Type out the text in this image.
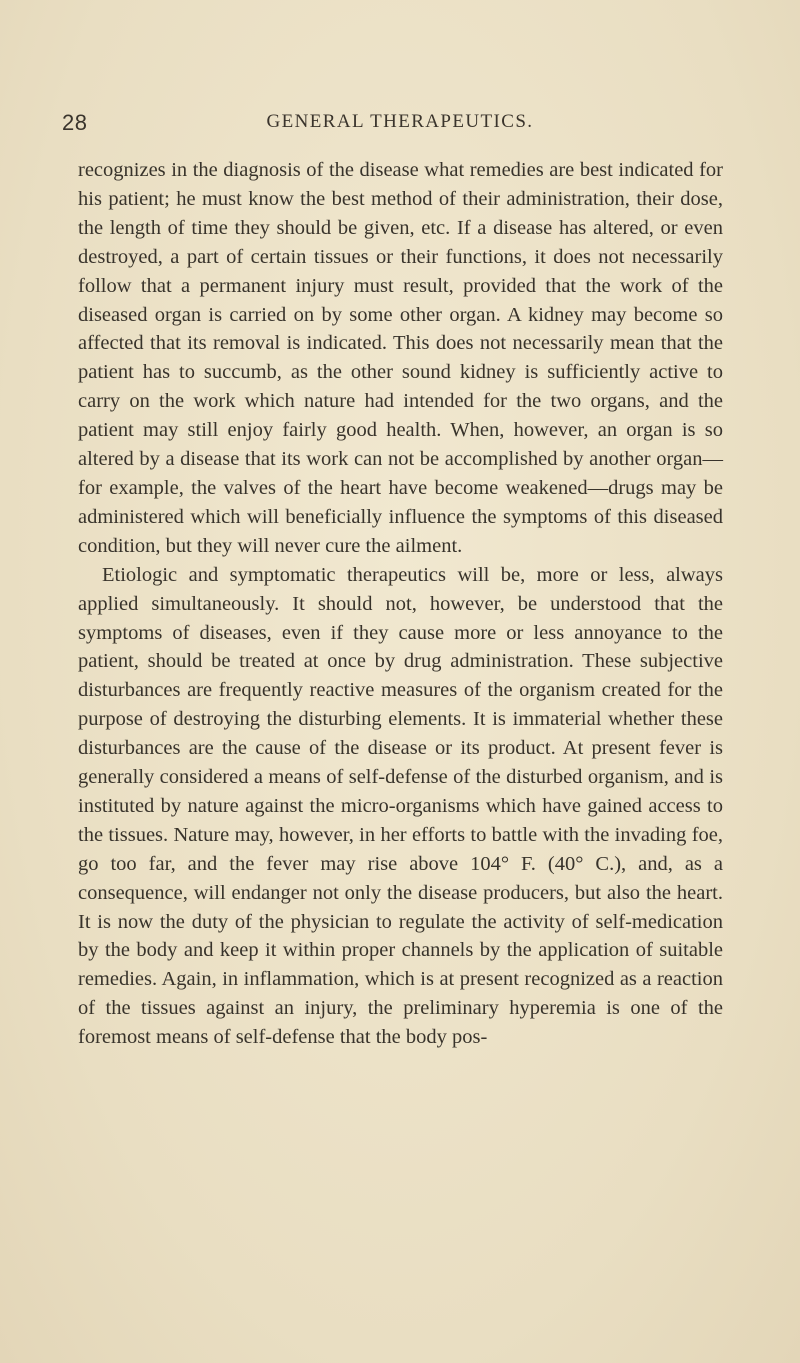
28	GENERAL THERAPEUTICS.

recognizes in the diagnosis of the disease what remedies are best indicated for his patient; he must know the best method of their administration, their dose, the length of time they should be given, etc. If a disease has altered, or even destroyed, a part of certain tissues or their functions, it does not necessarily follow that a permanent injury must result, provided that the work of the diseased organ is carried on by some other organ. A kidney may become so affected that its removal is indicated. This does not necessarily mean that the patient has to succumb, as the other sound kidney is sufficiently active to carry on the work which nature had intended for the two organs, and the patient may still enjoy fairly good health. When, however, an organ is so altered by a disease that its work can not be accomplished by another organ—for example, the valves of the heart have become weakened—drugs may be administered which will beneficially influence the symptoms of this diseased condition, but they will never cure the ailment.

Etiologic and symptomatic therapeutics will be, more or less, always applied simultaneously. It should not, however, be understood that the symptoms of diseases, even if they cause more or less annoyance to the patient, should be treated at once by drug administration. These subjective disturbances are frequently reactive measures of the organism created for the purpose of destroying the disturbing elements. It is immaterial whether these disturbances are the cause of the disease or its product. At present fever is generally considered a means of self-defense of the disturbed organism, and is instituted by nature against the micro-organisms which have gained access to the tissues. Nature may, however, in her efforts to battle with the invading foe, go too far, and the fever may rise above 104° F. (40° C.), and, as a consequence, will endanger not only the disease producers, but also the heart. It is now the duty of the physician to regulate the activity of self-medication by the body and keep it within proper channels by the application of suitable remedies. Again, in inflammation, which is at present recognized as a reaction of the tissues against an injury, the preliminary hyperemia is one of the foremost means of self-defense that the body pos-
